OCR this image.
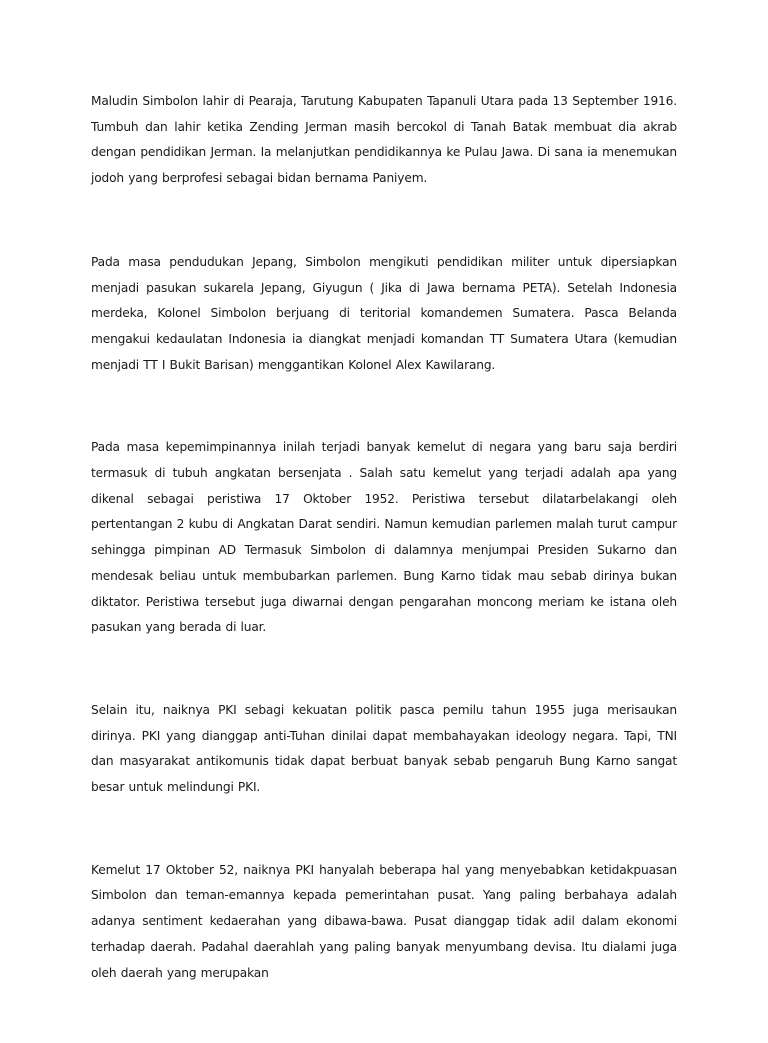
Maludin Simbolon lahir di Pearaja, Tarutung Kabupaten Tapanuli Utara pada 13 September 1916. Tumbuh dan lahir ketika Zending Jerman masih bercokol di Tanah Batak membuat dia akrab dengan pendidikan Jerman. Ia melanjutkan pendidikannya ke Pulau Jawa. Di sana ia menemukan jodoh yang berprofesi sebagai bidan bernama Paniyem.

Pada masa pendudukan Jepang, Simbolon mengikuti pendidikan militer untuk dipersiapkan menjadi pasukan sukarela Jepang, Giyugun ( Jika di Jawa bernama PETA). Setelah Indonesia merdeka, Kolonel Simbolon berjuang di teritorial komandemen Sumatera. Pasca Belanda mengakui kedaulatan Indonesia ia diangkat menjadi komandan TT Sumatera Utara (kemudian menjadi TT I Bukit Barisan) menggantikan Kolonel Alex Kawilarang.

Pada masa kepemimpinannya inilah terjadi banyak kemelut di negara yang baru saja berdiri termasuk di tubuh angkatan bersenjata . Salah satu kemelut yang terjadi adalah apa yang dikenal sebagai peristiwa 17 Oktober 1952. Peristiwa tersebut dilatarbelakangi oleh pertentangan 2 kubu di Angkatan Darat sendiri. Namun kemudian parlemen malah turut campur sehingga pimpinan AD Termasuk Simbolon di dalamnya menjumpai Presiden Sukarno dan mendesak beliau untuk membubarkan parlemen. Bung Karno tidak mau sebab dirinya bukan diktator. Peristiwa tersebut juga diwarnai dengan pengarahan moncong meriam ke istana oleh pasukan yang berada di luar.

Selain itu, naiknya PKI sebagi kekuatan politik pasca pemilu tahun 1955 juga merisaukan dirinya. PKI yang dianggap anti-Tuhan dinilai dapat membahayakan ideology negara. Tapi, TNI dan masyarakat antikomunis tidak dapat berbuat banyak sebab pengaruh Bung Karno sangat besar untuk melindungi PKI.

Kemelut 17 Oktober 52, naiknya PKI hanyalah beberapa hal yang menyebabkan ketidakpuasan Simbolon dan teman-emannya kepada pemerintahan pusat. Yang paling berbahaya adalah adanya sentiment kedaerahan yang dibawa-bawa. Pusat dianggap tidak adil dalam ekonomi terhadap daerah. Padahal daerahlah yang paling banyak menyumbang devisa. Itu dialami juga oleh daerah yang merupakan
